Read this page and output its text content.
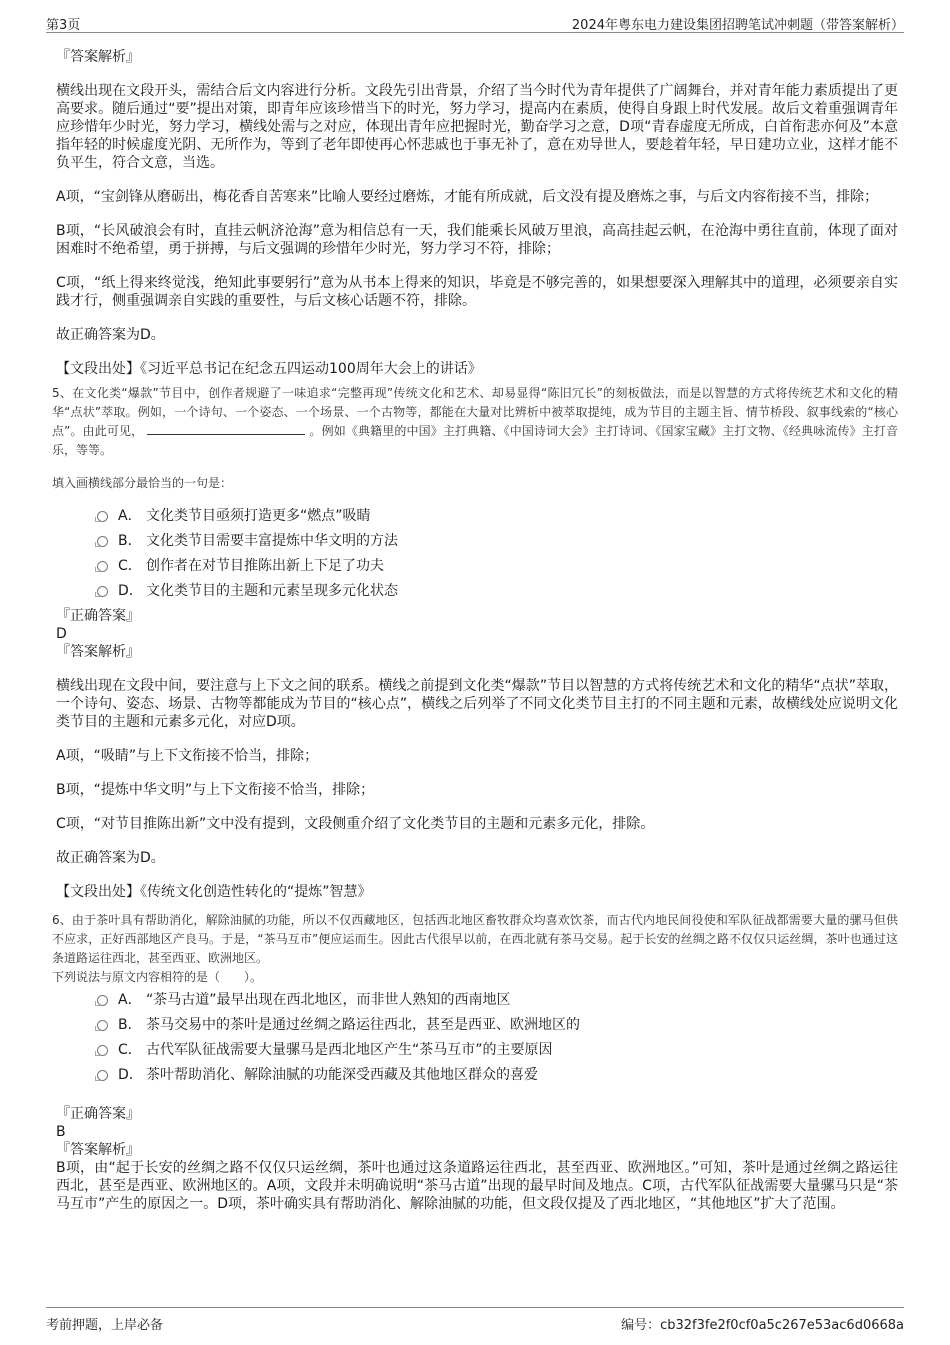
第3页	2024年粤东电力建设集团招聘笔试冲刺题（带答案解析）

『答案解析』

横线出现在文段开头，需结合后文内容进行分析。文段先引出背景，介绍了当今时代为青年提供了广阔舞台，并对青年能力素质提出了更高要求。随后通过“要”提出对策，即青年应该珍惜当下的时光，努力学习，提高内在素质，使得自身跟上时代发展。故后文着重强调青年应珍惜年少时光，努力学习，横线处需与之对应，体现出青年应把握时光，勤奋学习之意，D项“青春虚度无所成，白首衔悲亦何及”本意指年轻的时候虚度光阴、无所作为，等到了老年即使再心怀悲戚也于事无补了，意在劝导世人，要趁着年轻，早日建功立业，这样才能不负平生，符合文意，当选。

A项，“宝剑锋从磨砺出，梅花香自苦寒来”比喻人要经过磨炼，才能有所成就，后文没有提及磨炼之事，与后文内容衔接不当，排除；

B项，“长风破浪会有时，直挂云帆济沧海”意为相信总有一天，我们能乘长风破万里浪，高高挂起云帆，在沧海中勇往直前，体现了面对困难时不绝希望，勇于拼搏，与后文强调的珍惜年少时光，努力学习不符，排除；

C项，“纸上得来终觉浅，绝知此事要躬行”意为从书本上得来的知识，毕竟是不够完善的，如果想要深入理解其中的道理，必须要亲自实践才行，侧重强调亲自实践的重要性，与后文核心话题不符，排除。

故正确答案为D。

【文段出处】《习近平总书记在纪念五四运动100周年大会上的讲话》

5、在文化类“爆款”节目中，创作者规避了一味追求“完整再现”传统文化和艺术、却易显得“陈旧冗长”的刻板做法，而是以智慧的方式将传统艺术和文化的精华“点状”萃取。例如，一个诗句、一个姿态、一个场景、一个古物等，都能在大量对比辨析中被萃取提纯，成为节目的主题主旨、情节桥段、叙事线索的“核心点”。由此可见，	。例如《典籍里的中国》主打典籍、《中国诗词大会》主打诗词、《国家宝藏》主打文物、《经典咏流传》主打音乐，等等。

填入画横线部分最恰当的一句是：

A． 文化类节目亟须打造更多“燃点”吸睛
B． 文化类节目需要丰富提炼中华文明的方法
C． 创作者在对节目推陈出新上下足了功夫
D． 文化类节目的主题和元素呈现多元化状态

『正确答案』

D

『答案解析』

横线出现在文段中间，要注意与上下文之间的联系。横线之前提到文化类“爆款”节目以智慧的方式将传统艺术和文化的精华“点状”萃取，一个诗句、姿态、场景、古物等都能成为节目的“核心点”，横线之后列举了不同文化类节目主打的不同主题和元素，故横线处应说明文化类节目的主题和元素多元化，对应D项。

A项，“吸睛”与上下文衔接不恰当，排除；

B项，“提炼中华文明”与上下文衔接不恰当，排除；

C项，“对节目推陈出新”文中没有提到，文段侧重介绍了文化类节目的主题和元素多元化，排除。

故正确答案为D。

【文段出处】《传统文化创造性转化的“提炼”智慧》

6、由于茶叶具有帮助消化，解除油腻的功能，所以不仅西藏地区，包括西北地区畜牧群众均喜欢饮茶，而古代内地民间役使和军队征战都需要大量的骡马但供不应求，正好西部地区产良马。于是，“茶马互市”便应运而生。因此古代很早以前，在西北就有茶马交易。起于长安的丝绸之路不仅仅只运丝绸，茶叶也通过这条道路运往西北，甚至西亚、欧洲地区。

下列说法与原文内容相符的是（　　）。

A． “茶马古道”最早出现在西北地区，而非世人熟知的西南地区
B． 茶马交易中的茶叶是通过丝绸之路运往西北，甚至是西亚、欧洲地区的
C． 古代军队征战需要大量骡马是西北地区产生“茶马互市”的主要原因
D． 茶叶帮助消化、解除油腻的功能深受西藏及其他地区群众的喜爱

『正确答案』

B

『答案解析』

B项，由“起于长安的丝绸之路不仅仅只运丝绸，茶叶也通过这条道路运往西北，甚至西亚、欧洲地区。”可知，茶叶是通过丝绸之路运往西北，甚至是西亚、欧洲地区的。A项，文段并未明确说明“茶马古道”出现的最早时间及地点。C项，古代军队征战需要大量骡马只是“茶马互市”产生的原因之一。D项，茶叶确实具有帮助消化、解除油腻的功能，但文段仅提及了西北地区，“其他地区”扩大了范围。

考前押题，上岸必备	编号：cb32f3fe2f0cf0a5c267e53ac6d0668a
